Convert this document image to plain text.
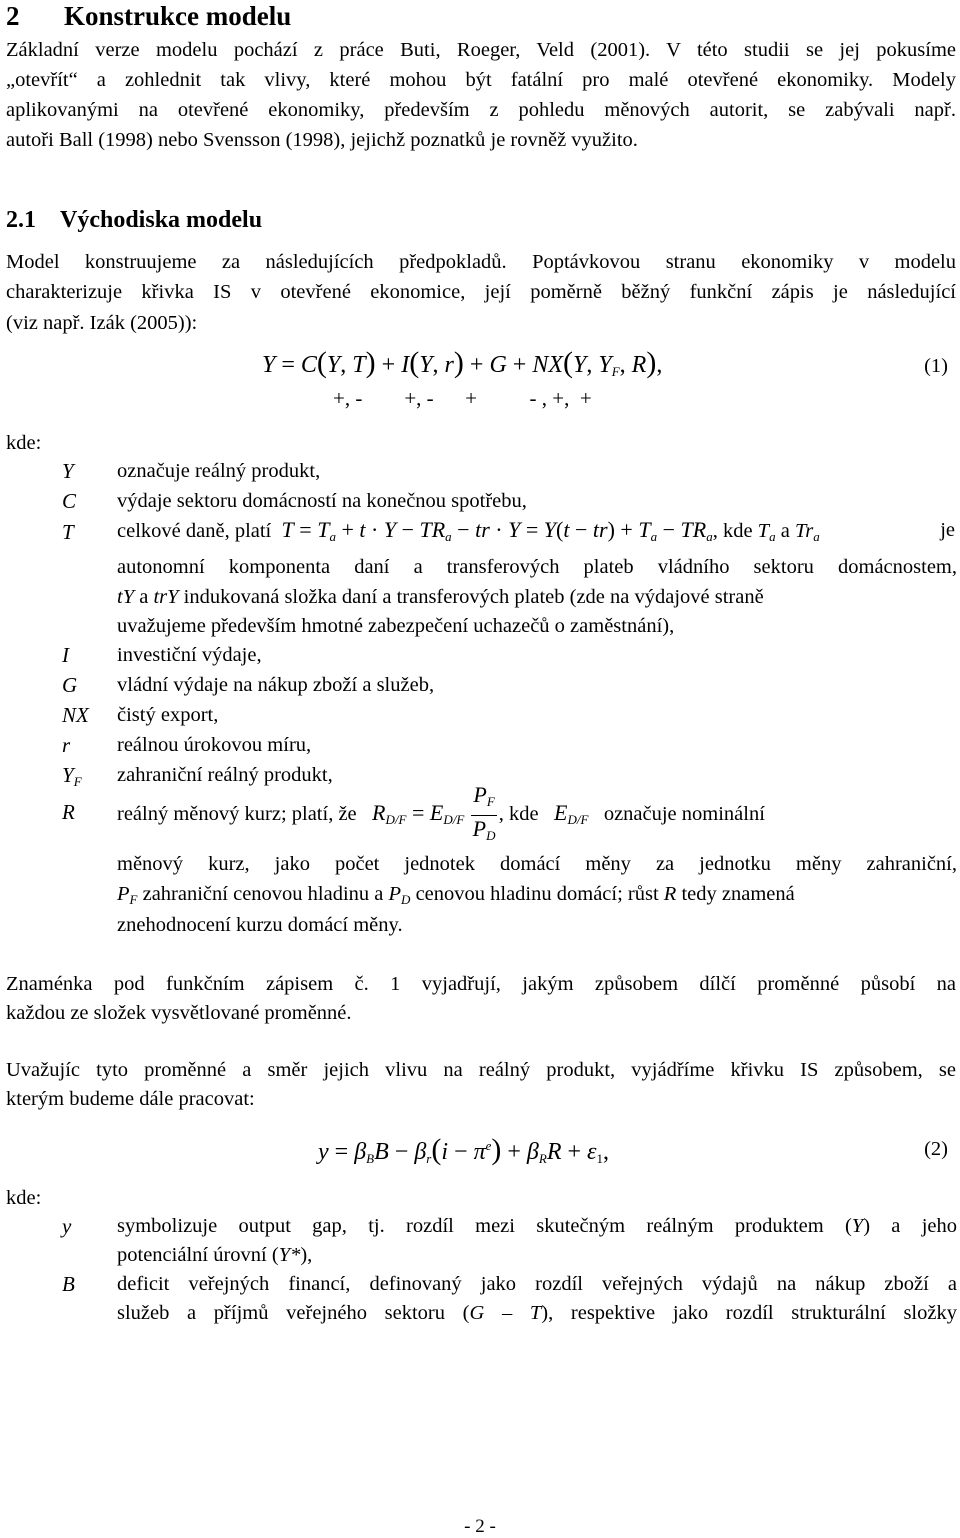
2 Konstrukce modelu
Základní verze modelu pochází z práce Buti, Roeger, Veld (2001). V této studii se jej pokusíme
„otevřít“ a zohlednit tak vlivy, které mohou být fatální pro malé otevřené ekonomiky. Modely
aplikovanými na otevřené ekonomiky, především z pohledu měnových autorit, se zabývali např.
autoři Ball (1998) nebo Svensson (1998), jejichž poznatků je rovněž využito.
2.1 Východiska modelu
Model konstruujeme za následujících předpokladů. Poptávkovou stranu ekonomiky v modelu
charakterizuje křivka IS v otevřené ekonomice, její poměrně běžný funkční zápis je následující
(viz např. Izák (2005)):
Y = C(Y, T) + I(Y, r) + G + NX(Y, $Y_F$, R),	(1)
+, -        +, -      +          - , +,  +
kde:
Y označuje reálný produkt,
C výdaje sektoru domácností na konečnou spotřebu,
T celkové daně, platí $T = T_a + t \cdot Y - TR_a$ − tr · $Y = Y(t - tr) + T_a - TR_a$, kde $T_a$ a $Tr_a$	je
autonomní komponenta daní a transferových plateb vládního sektoru domácnostem,
tY a trY indukovaná složka daní a transferových plateb (zde na výdajové straně
uvažujeme především hmotné zabezpečení uchazečů o zaměstnání),
I investiční výdaje,
G vládní výdaje na nákup zboží a služeb,
NX čistý export,
r reálnou úrokovou míru,
$Y_F$ zahraniční reálný produkt,
R reálný měnový kurz; platí, že $R_{D/F} = E_{D/F} \frac{P_F}{P_D}$ , kde $E_{D/F}$ označuje nominální
měnový kurz, jako počet jednotek domácí měny za jednotku měny zahraniční,
$P_F$ zahraniční cenovou hladinu a $P_D$ cenovou hladinu domácí; růst R tedy znamená
znehodnocení kurzu domácí měny.
Znaménka pod funkčním zápisem č. 1 vyjadřují, jakým způsobem dílčí proměnné působí na
každou ze složek vysvětlované proměnné.
Uvažujíc tyto proměnné a směr jejich vlivu na reálný produkt, vyjádříme křivku IS způsobem, se
kterým budeme dále pracovat:
$y = \beta_BB - \beta_r(i - \pi^e) + \beta_RR + \varepsilon_1$,	(2)
kde:
y symbolizuje output gap, tj. rozdíl mezi skutečným reálným produktem (Y) a jeho
potenciální úrovní (Y*),
B deficit veřejných financí, definovaný jako rozdíl veřejných výdajů na nákup zboží a
služeb a příjmů veřejného sektoru (G – T), respektive jako rozdíl strukturální složky
- 2 -
